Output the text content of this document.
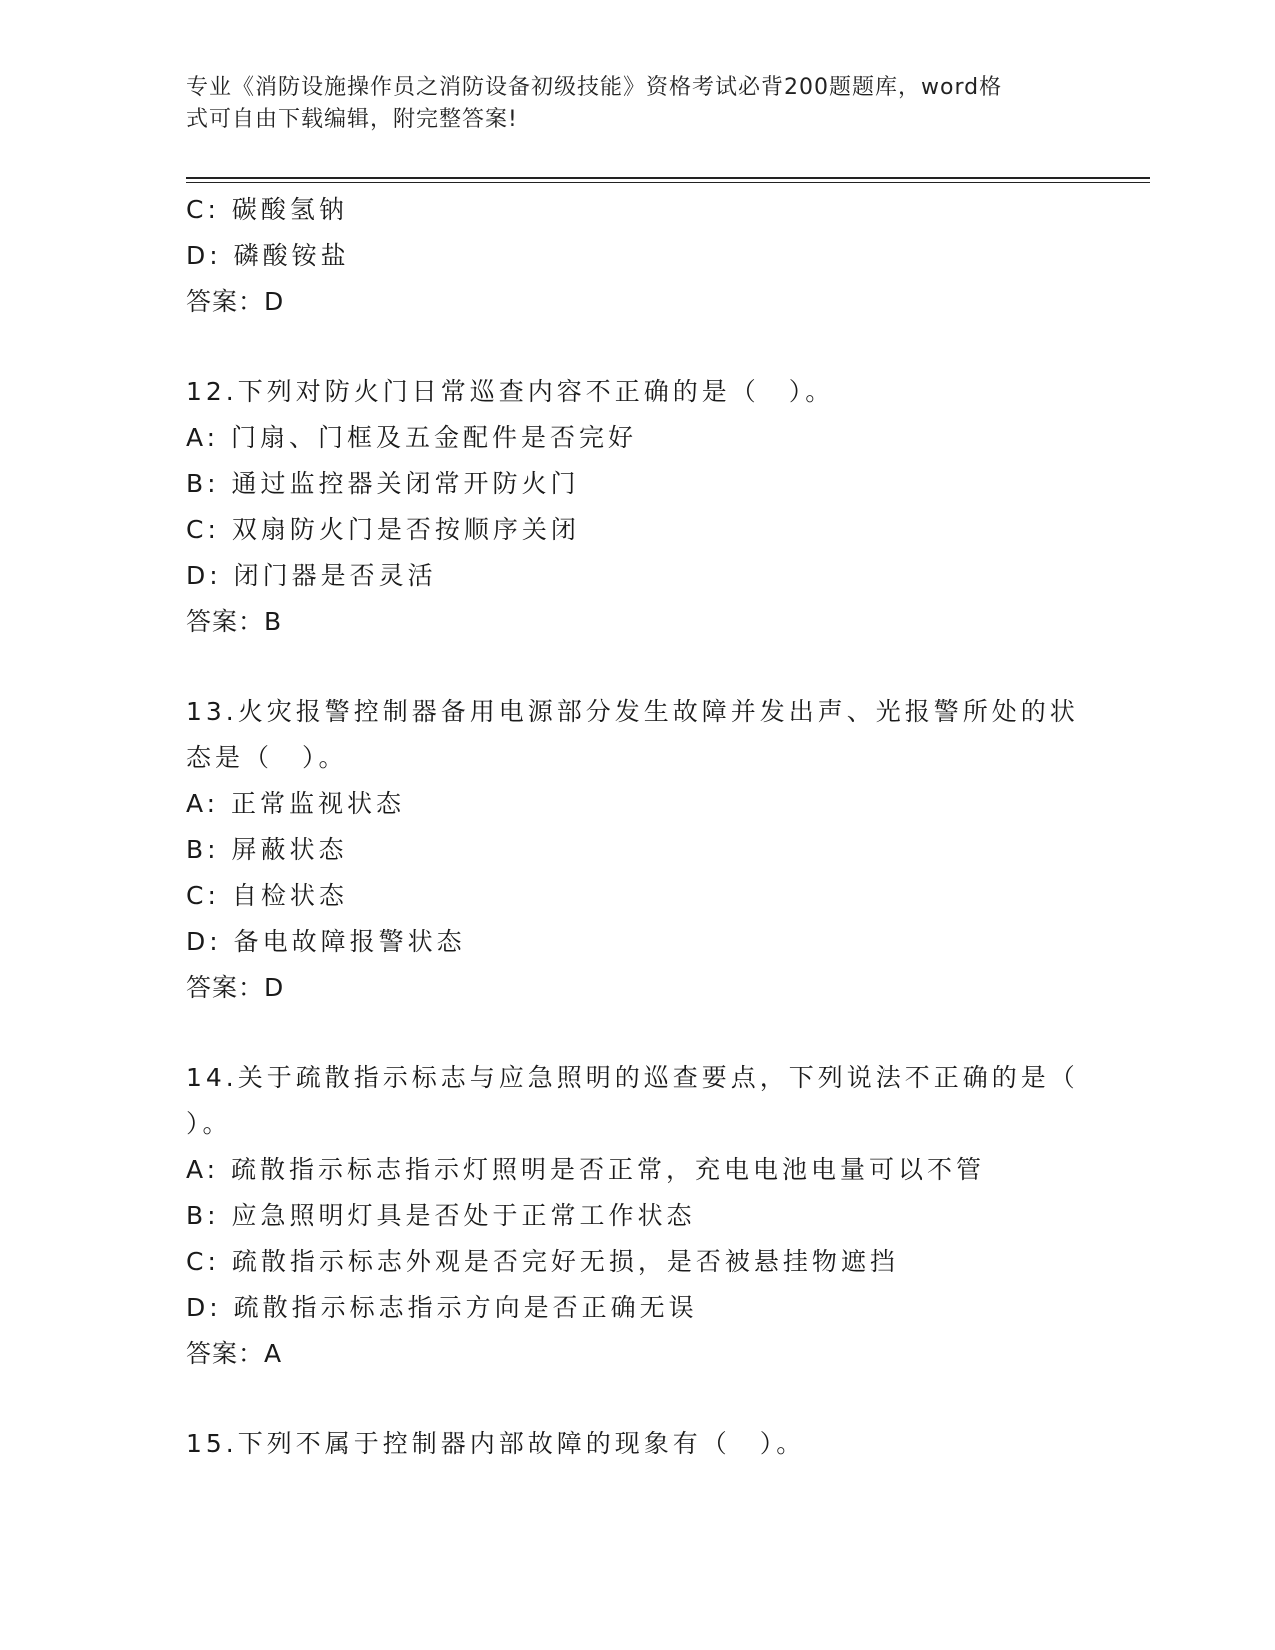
专业《消防设施操作员之消防设备初级技能》资格考试必背200题题库，word格
式可自由下载编辑，附完整答案!
C: 碳酸氢钠
D: 磷酸铵盐
答案：D
12.下列对防火门日常巡查内容不正确的是（　）。
A: 门扇、门框及五金配件是否完好
B: 通过监控器关闭常开防火门
C: 双扇防火门是否按顺序关闭
D: 闭门器是否灵活
答案：B
13.火灾报警控制器备用电源部分发生故障并发出声、光报警所处的状
态是（　）。
A: 正常监视状态
B: 屏蔽状态
C: 自检状态
D: 备电故障报警状态
答案：D
14.关于疏散指示标志与应急照明的巡查要点，下列说法不正确的是（
）。
A: 疏散指示标志指示灯照明是否正常，充电电池电量可以不管
B: 应急照明灯具是否处于正常工作状态
C: 疏散指示标志外观是否完好无损，是否被悬挂物遮挡
D: 疏散指示标志指示方向是否正确无误
答案：A
15.下列不属于控制器内部故障的现象有（　）。
